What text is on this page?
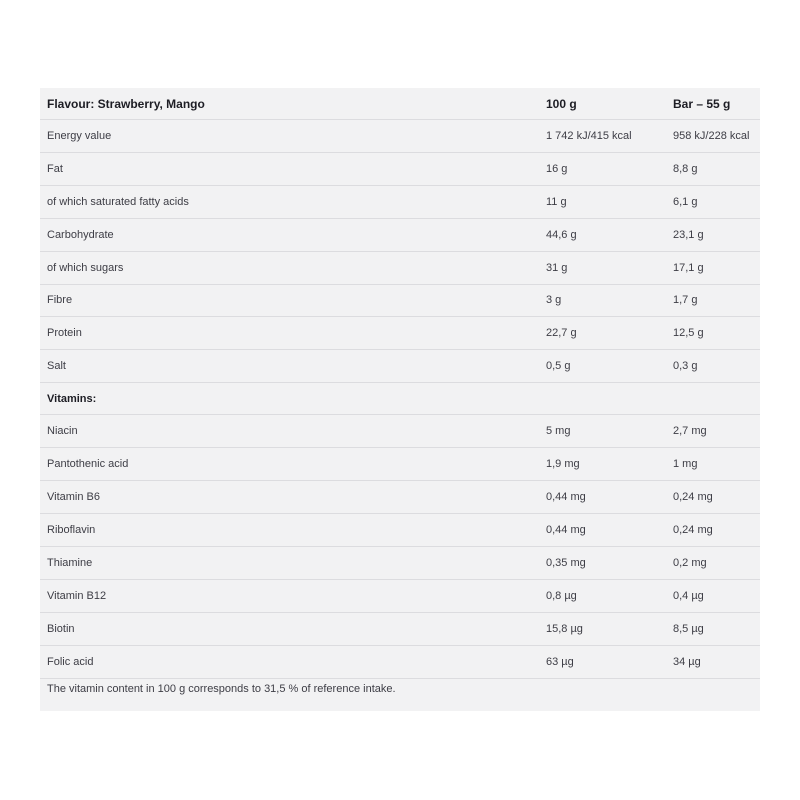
Flavour: Strawberry, Mango	100 g	Bar – 55 g
Energy value	1 742 kJ/415 kcal	958 kJ/228 kcal
Fat	16 g	8,8 g
of which saturated fatty acids	11 g	6,1 g
Carbohydrate	44,6 g	23,1 g
of which sugars	31 g	17,1 g
Fibre	3 g	1,7 g
Protein	22,7 g	12,5 g
Salt	0,5 g	0,3 g
Vitamins:
Niacin	5 mg	2,7 mg
Pantothenic acid	1,9 mg	1 mg
Vitamin B6	0,44 mg	0,24 mg
Riboflavin	0,44 mg	0,24 mg
Thiamine	0,35 mg	0,2 mg
Vitamin B12	0,8 µg	0,4 µg
Biotin	15,8 µg	8,5 µg
Folic acid	63 µg	34 µg
The vitamin content in 100 g corresponds to 31,5 % of reference intake.
